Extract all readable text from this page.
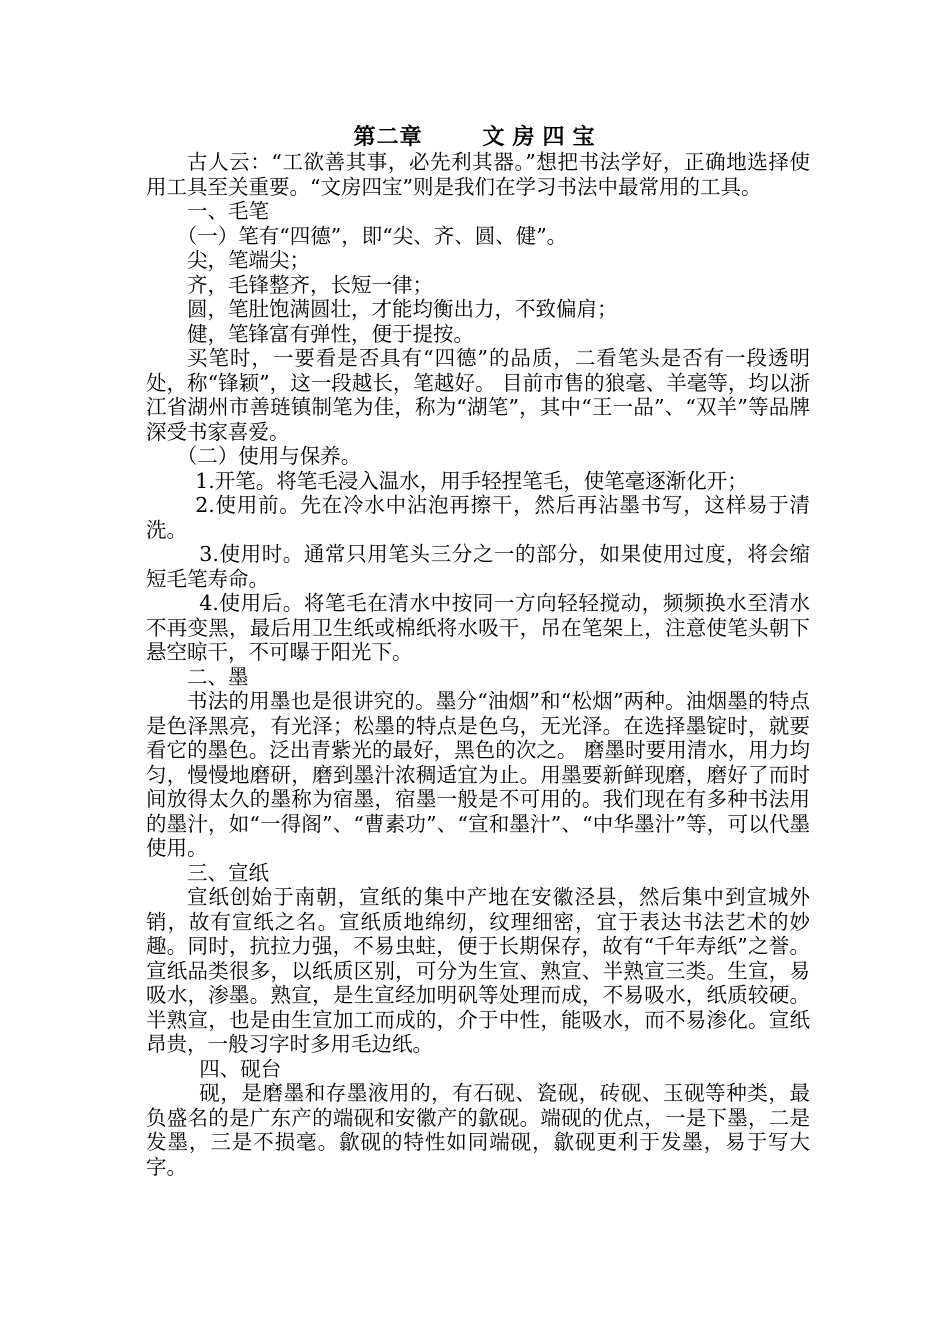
第二章	文房四宝

古人云：“工欲善其事，必先利其器。”想把书法学好，正确地选择使用工具至关重要。“文房四宝”则是我们在学习书法中最常用的工具。

一、毛笔

（一）笔有“四德”，即“尖、齐、圆、健”。

尖，笔端尖；

齐，毛锋整齐，长短一律；

圆，笔肚饱满圆壮，才能均衡出力，不致偏肩；

健，笔锋富有弹性，便于提按。

买笔时，一要看是否具有“四德”的品质，二看笔头是否有一段透明处，称“锋颖”，这一段越长，笔越好。 目前市售的狼毫、羊毫等，均以浙江省湖州市善琏镇制笔为佳，称为“湖笔”，其中“王一品”、“双羊”等品牌深受书家喜爱。

（二）使用与保养。

1.开笔。将笔毛浸入温水，用手轻捏笔毛，使笔毫逐渐化开；

2.使用前。先在冷水中沾泡再擦干，然后再沾墨书写，这样易于清洗。

3.使用时。通常只用笔头三分之一的部分，如果使用过度，将会缩短毛笔寿命。

4.使用后。将笔毛在清水中按同一方向轻轻搅动，频频换水至清水不再变黑，最后用卫生纸或棉纸将水吸干，吊在笔架上，注意使笔头朝下悬空晾干，不可曝于阳光下。

二、墨

书法的用墨也是很讲究的。墨分“油烟”和“松烟”两种。油烟墨的特点是色泽黑亮，有光泽；松墨的特点是色乌，无光泽。在选择墨锭时，就要看它的墨色。泛出青紫光的最好，黑色的次之。 磨墨时要用清水，用力均匀，慢慢地磨研，磨到墨汁浓稠适宜为止。用墨要新鲜现磨，磨好了而时间放得太久的墨称为宿墨，宿墨一般是不可用的。我们现在有多种书法用的墨汁，如“一得阁”、“曹素功”、“宣和墨汁”、“中华墨汁”等，可以代墨使用。

三、宣纸

宣纸创始于南朝，宣纸的集中产地在安徽泾县，然后集中到宣城外销，故有宣纸之名。宣纸质地绵纫，纹理细密，宜于表达书法艺术的妙趣。同时，抗拉力强，不易虫蛀，便于长期保存，故有“千年寿纸”之誉。 宣纸品类很多，以纸质区别，可分为生宣、熟宣、半熟宣三类。生宣，易吸水，渗墨。熟宣，是生宣经加明矾等处理而成，不易吸水，纸质较硬。半熟宣，也是由生宣加工而成的，介于中性，能吸水，而不易渗化。宣纸昂贵，一般习字时多用毛边纸。

四、砚台

砚，是磨墨和存墨液用的，有石砚、瓷砚，砖砚、玉砚等种类，最负盛名的是广东产的端砚和安徽产的歙砚。端砚的优点，一是下墨，二是发墨，三是不损毫。歙砚的特性如同端砚，歙砚更利于发墨，易于写大字。
